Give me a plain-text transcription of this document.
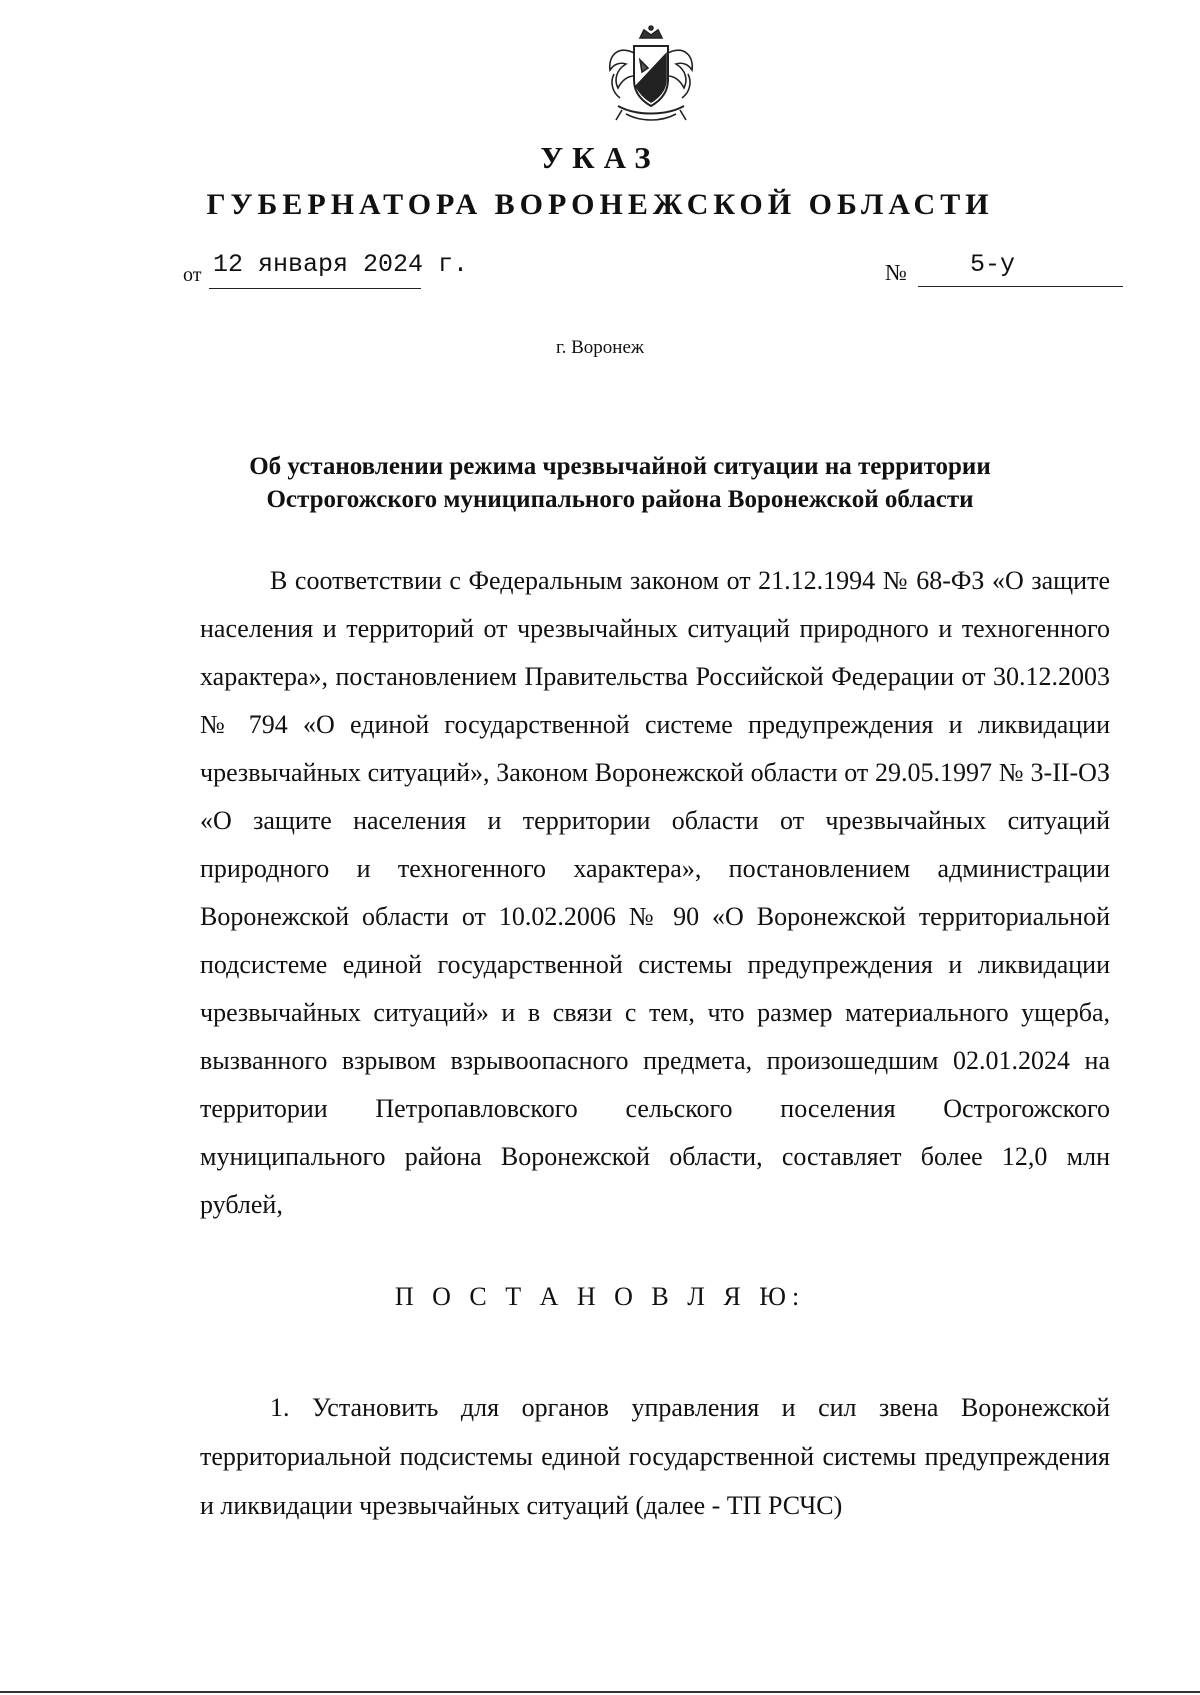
УКАЗ
ГУБЕРНАТОРА ВОРОНЕЖСКОЙ ОБЛАСТИ
от 12 января 2024 г.	№	5-у
г. Воронеж
Об установлении режима чрезвычайной ситуации на территории Острогожского муниципального района Воронежской области

В соответствии с Федеральным законом от 21.12.1994 № 68-ФЗ «О защите населения и территорий от чрезвычайных ситуаций природного и техногенного характера», постановлением Правительства Российской Федерации от 30.12.2003 № 794 «О единой государственной системе предупреждения и ликвидации чрезвычайных ситуаций», Законом Воронежской области от 29.05.1997 № 3-II-ОЗ «О защите населения и территории области от чрезвычайных ситуаций природного и техногенного характера», постановлением администрации Воронежской области от 10.02.2006 № 90 «О Воронежской территориальной подсистеме единой государственной системы предупреждения и ликвидации чрезвычайных ситуаций» и в связи с тем, что размер материального ущерба, вызванного взрывом взрывоопасного предмета, произошедшим 02.01.2024 на территории Петропавловского сельского поселения Острогожского муниципального района Воронежской области, составляет более 12,0 млн рублей,

П О С Т А Н О В Л Я Ю:

1. Установить для органов управления и сил звена Воронежской территориальной подсистемы единой государственной системы предупреждения и ликвидации чрезвычайных ситуаций (далее - ТП РСЧС)
